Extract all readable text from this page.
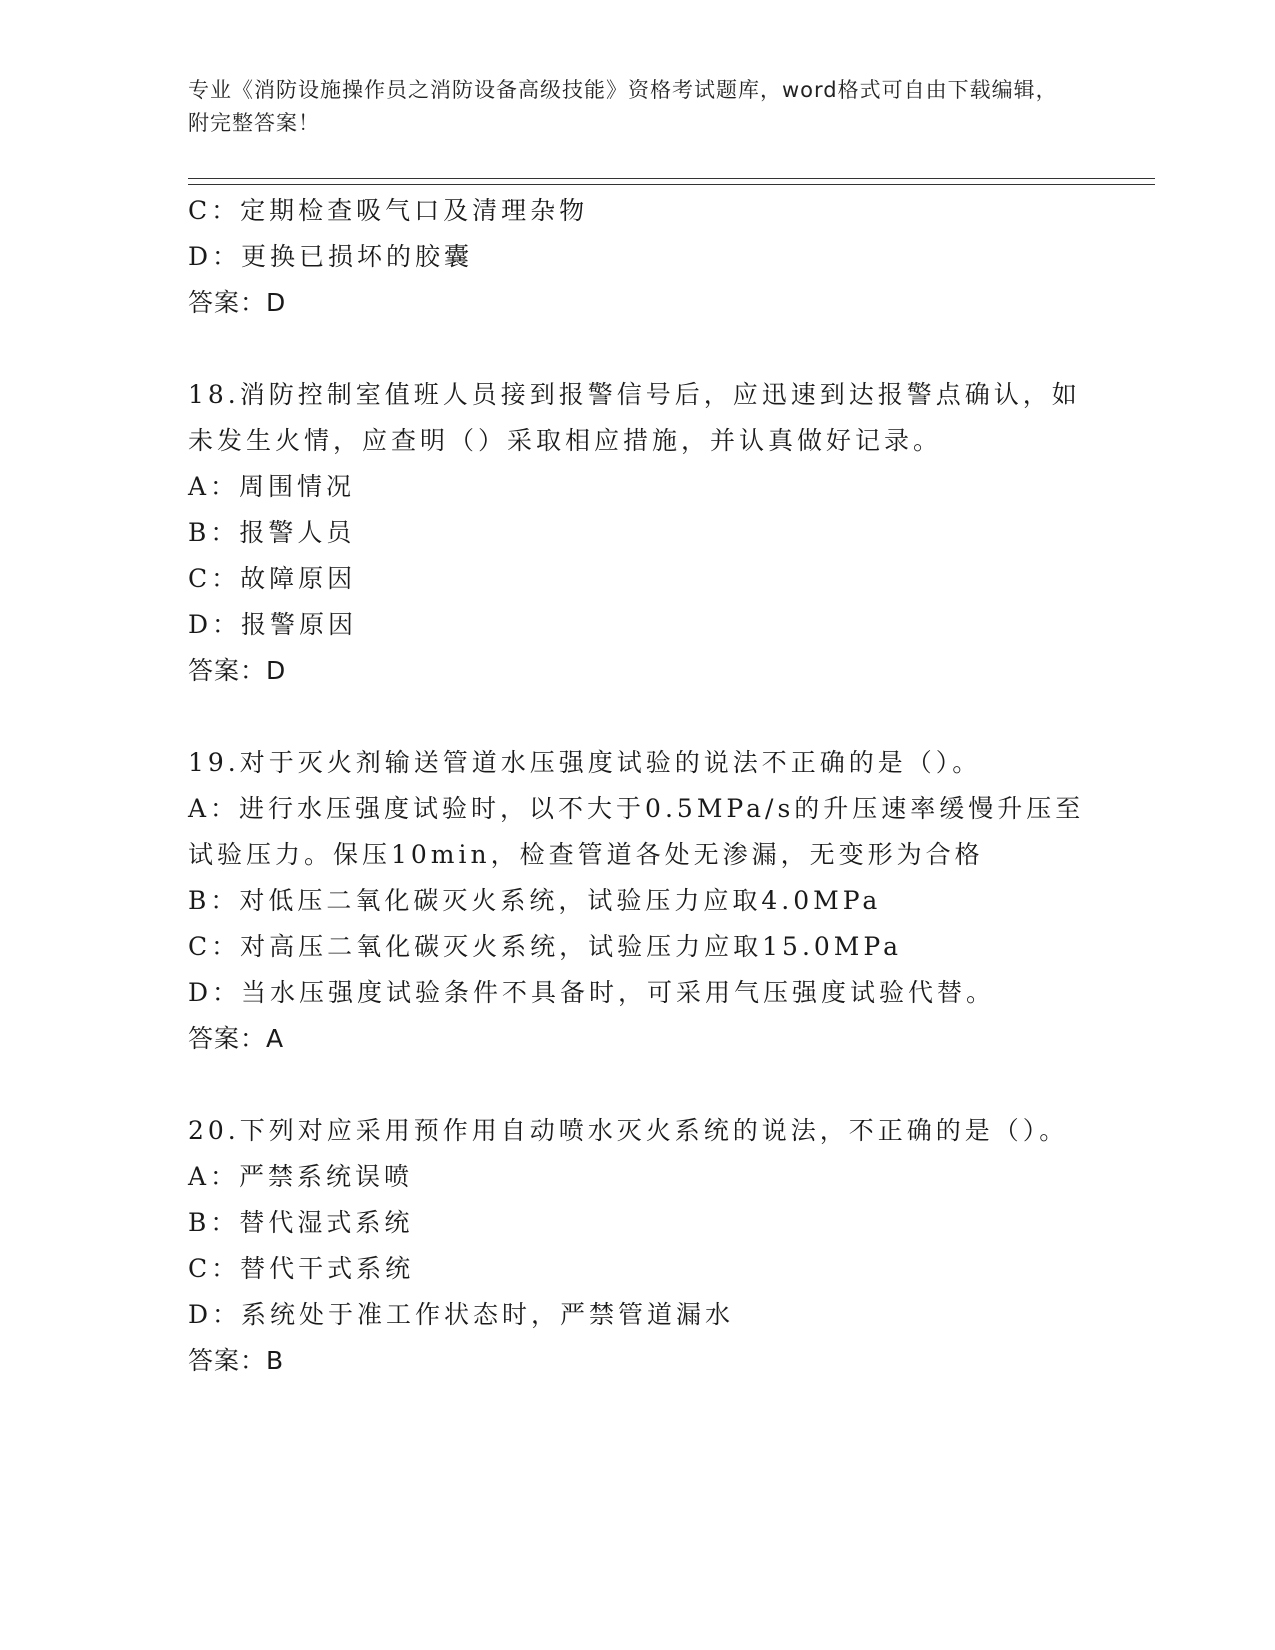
专业《消防设施操作员之消防设备高级技能》资格考试题库，word格式可自由下载编辑，附完整答案！
C：定期检查吸气口及清理杂物
D：更换已损坏的胶囊
答案：D
18.消防控制室值班人员接到报警信号后，应迅速到达报警点确认，如
未发生火情，应查明（）采取相应措施，并认真做好记录。
A：周围情况
B：报警人员
C：故障原因
D：报警原因
答案：D
19.对于灭火剂输送管道水压强度试验的说法不正确的是（）。
A：进行水压强度试验时，以不大于0.5MPa/s的升压速率缓慢升压至
试验压力。保压10min，检查管道各处无渗漏，无变形为合格
B：对低压二氧化碳灭火系统，试验压力应取4.0MPa
C：对高压二氧化碳灭火系统，试验压力应取15.0MPa
D：当水压强度试验条件不具备时，可采用气压强度试验代替。
答案：A
20.下列对应采用预作用自动喷水灭火系统的说法，不正确的是（）。
A：严禁系统误喷
B：替代湿式系统
C：替代干式系统
D：系统处于准工作状态时，严禁管道漏水
答案：B
